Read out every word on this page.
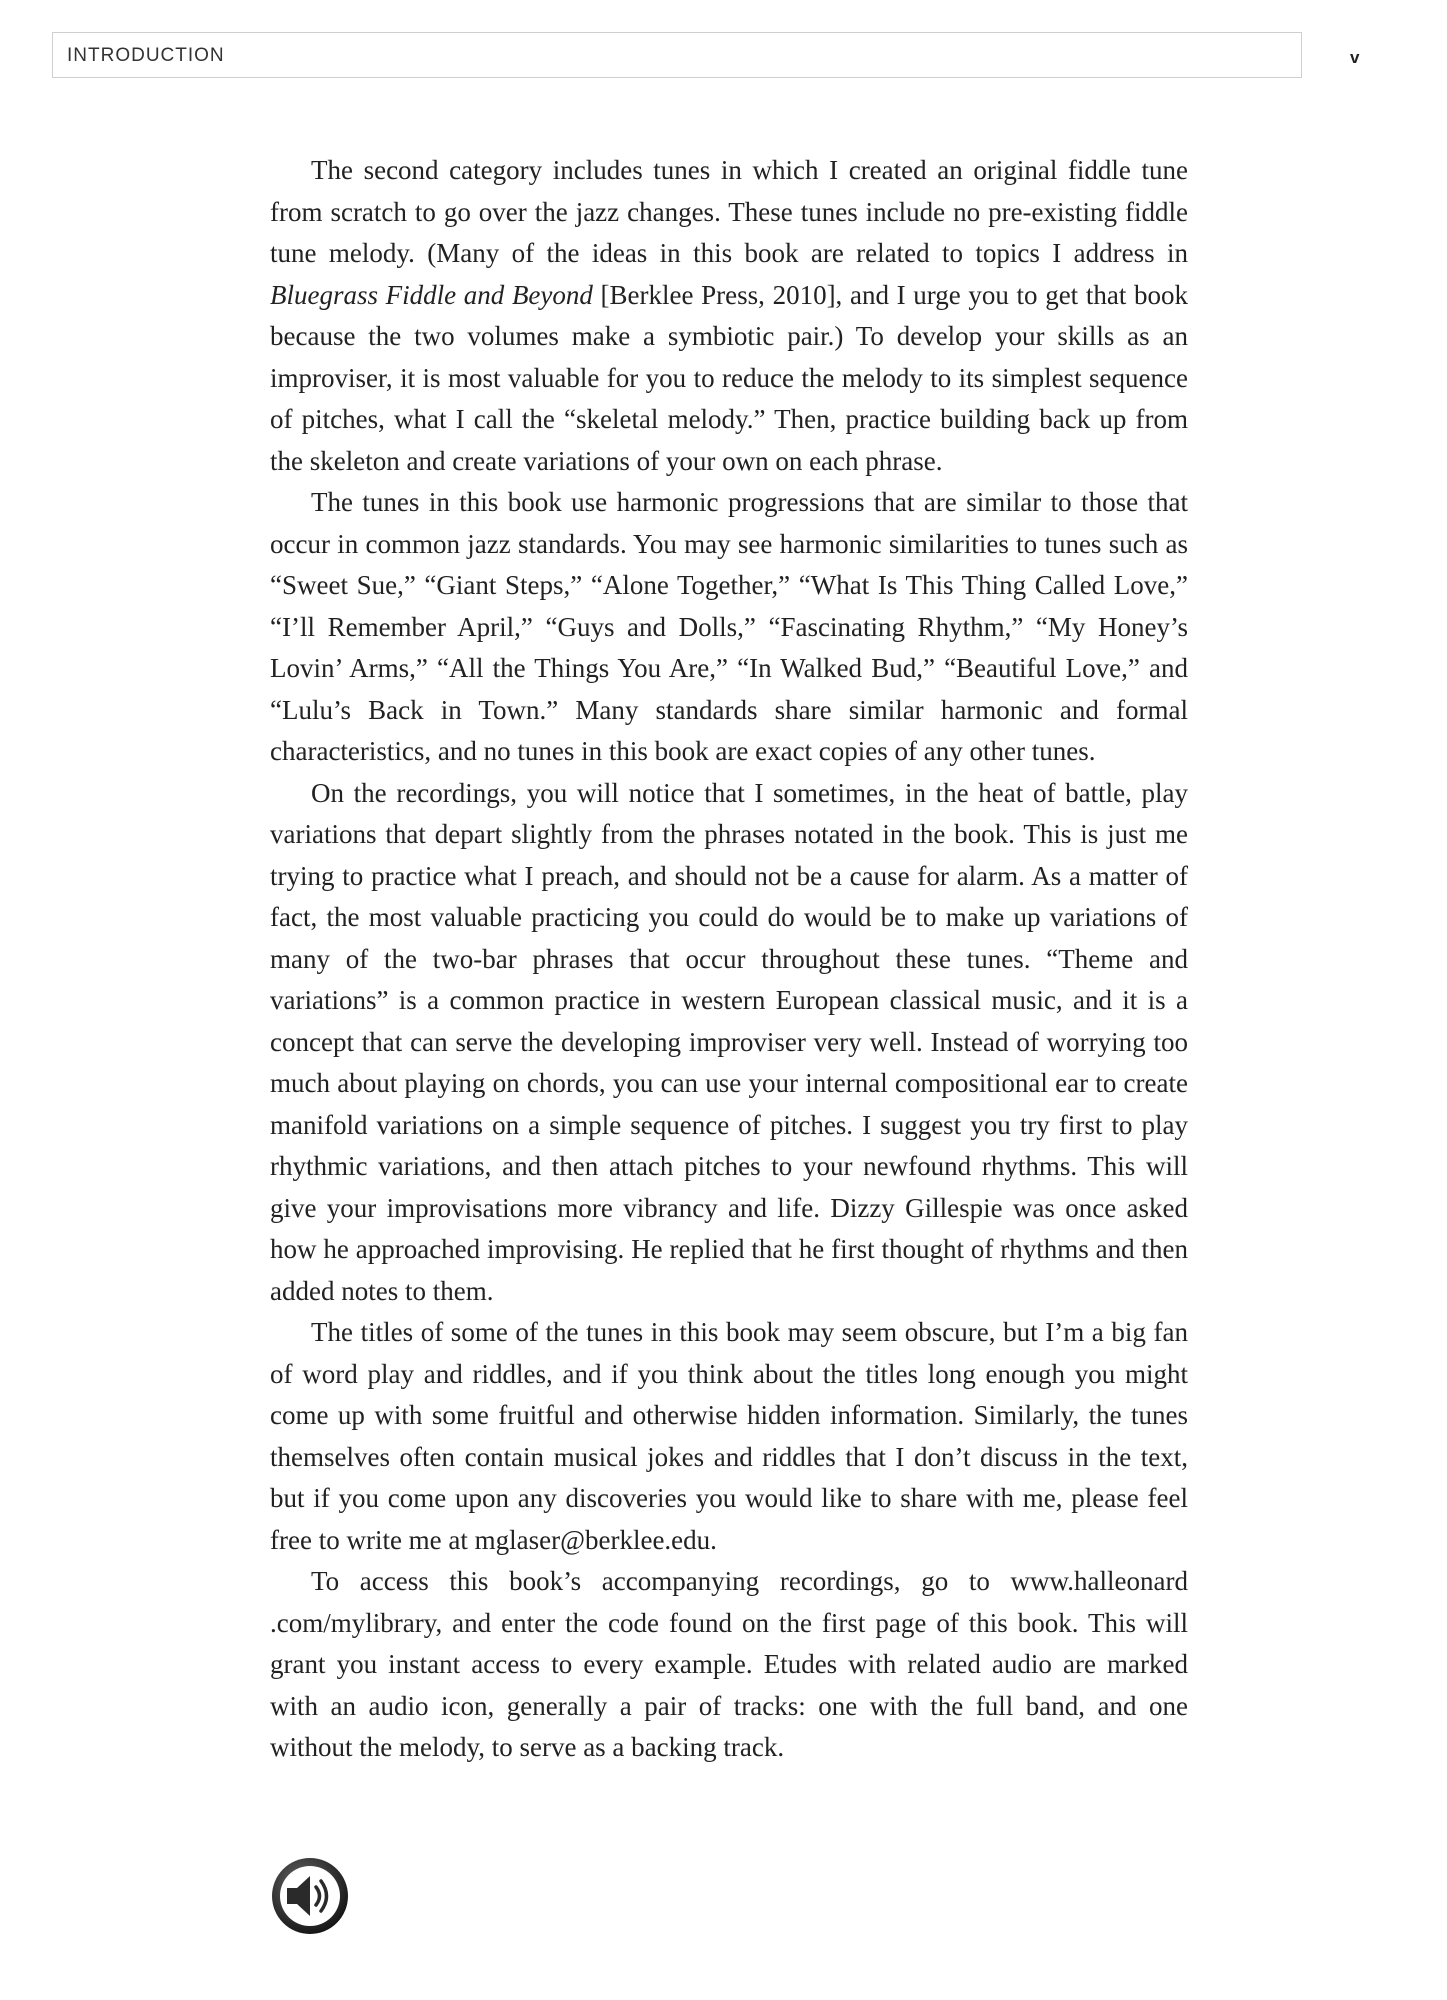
INTRODUCTION	v

The second category includes tunes in which I created an original fiddle tune from scratch to go over the jazz changes. These tunes include no pre-existing fiddle tune melody. (Many of the ideas in this book are related to topics I address in Bluegrass Fiddle and Beyond [Berklee Press, 2010], and I urge you to get that book because the two volumes make a symbiotic pair.) To develop your skills as an improviser, it is most valuable for you to reduce the melody to its simplest sequence of pitches, what I call the “skeletal melody.” Then, practice building back up from the skeleton and create variations of your own on each phrase.

The tunes in this book use harmonic progressions that are similar to those that occur in common jazz standards. You may see harmonic similarities to tunes such as “Sweet Sue,” “Giant Steps,” “Alone Together,” “What Is This Thing Called Love,” “I’ll Remember April,” “Guys and Dolls,” “Fascinating Rhythm,” “My Honey’s Lovin’ Arms,” “All the Things You Are,” “In Walked Bud,” “Beautiful Love,” and “Lulu’s Back in Town.” Many standards share similar harmonic and formal characteristics, and no tunes in this book are exact copies of any other tunes.

On the recordings, you will notice that I sometimes, in the heat of battle, play variations that depart slightly from the phrases notated in the book. This is just me trying to practice what I preach, and should not be a cause for alarm. As a matter of fact, the most valuable practicing you could do would be to make up variations of many of the two-bar phrases that occur throughout these tunes. “Theme and variations” is a common practice in western European classical music, and it is a concept that can serve the developing improviser very well. Instead of worrying too much about playing on chords, you can use your internal compositional ear to create manifold variations on a simple sequence of pitches. I suggest you try first to play rhythmic variations, and then attach pitches to your newfound rhythms. This will give your improvisations more vibrancy and life. Dizzy Gillespie was once asked how he approached improvising. He replied that he first thought of rhythms and then added notes to them.

The titles of some of the tunes in this book may seem obscure, but I’m a big fan of word play and riddles, and if you think about the titles long enough you might come up with some fruitful and otherwise hidden information. Similarly, the tunes themselves often contain musical jokes and riddles that I don’t discuss in the text, but if you come upon any discoveries you would like to share with me, please feel free to write me at mglaser@berklee.edu.

To access this book’s accompanying recordings, go to www.halleonard .com/mylibrary, and enter the code found on the first page of this book. This will grant you instant access to every example. Etudes with related audio are marked with an audio icon, generally a pair of tracks: one with the full band, and one without the melody, to serve as a backing track.
